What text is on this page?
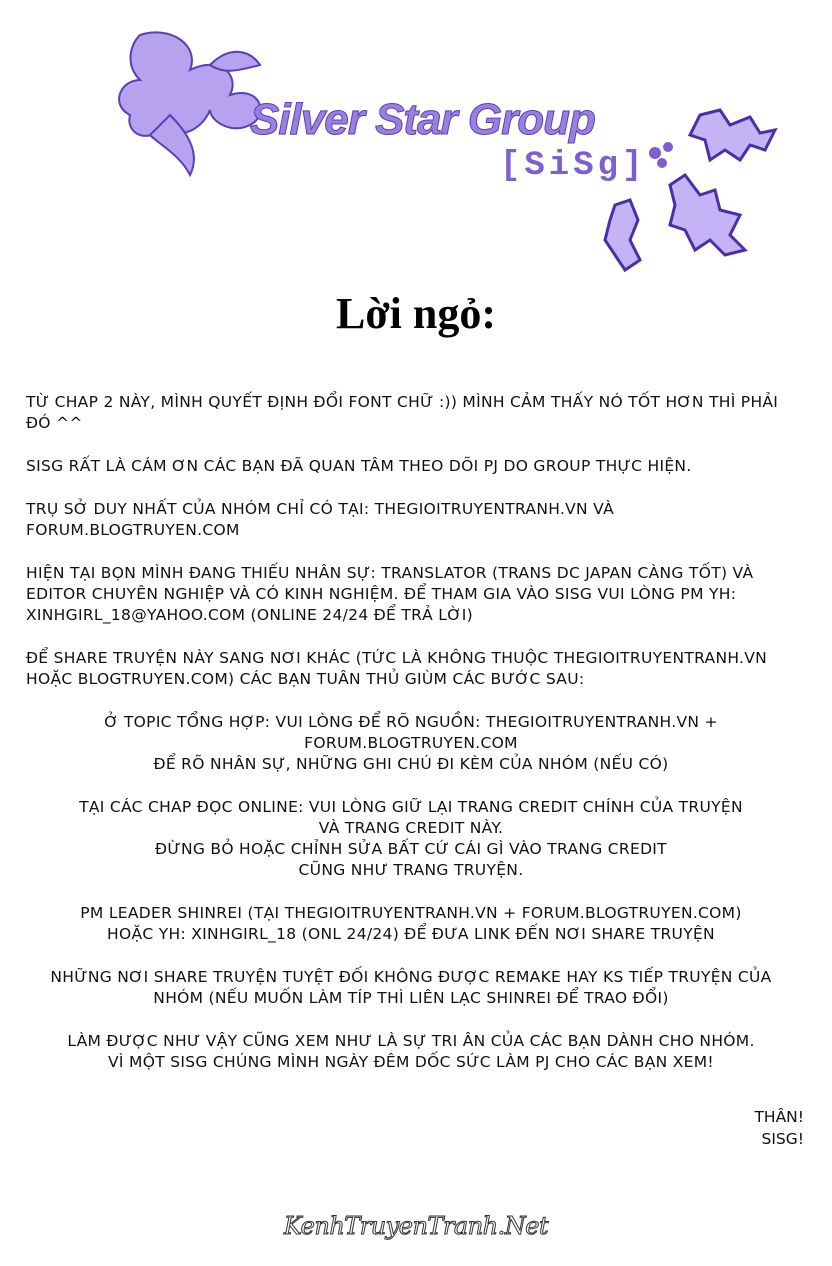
Silver Star Group
[SiSg]
Lời ngỏ:

TỪ CHAP 2 NÀY, MÌNH QUYẾT ĐỊNH ĐỔI FONT CHỮ :)) MÌNH CẢM THẤY NÓ TỐT HƠN THÌ PHẢI ĐÓ ^^

SISG RẤT LÀ CÁM ƠN CÁC BẠN ĐÃ QUAN TÂM THEO DÕI PJ DO GROUP THỰC HIỆN.

TRỤ SỞ DUY NHẤT CỦA NHÓM CHỈ CÓ TẠI: THEGIOITRUYENTRANH.VN VÀ FORUM.BLOGTRUYEN.COM

HIỆN TẠI BỌN MÌNH ĐANG THIẾU NHÂN SỰ: TRANSLATOR (TRANS DC JAPAN CÀNG TỐT) VÀ EDITOR CHUYÊN NGHIỆP VÀ CÓ KINH NGHIỆM. ĐỂ THAM GIA VÀO SISG VUI LÒNG PM YH: XINHGIRL_18@YAHOO.COM (ONLINE 24/24 ĐỂ TRẢ LỜI)

ĐỂ SHARE TRUYỆN NÀY SANG NƠI KHÁC (TỨC LÀ KHÔNG THUỘC THEGIOITRUYENTRANH.VN HOẶC BLOGTRUYEN.COM) CÁC BẠN TUÂN THỦ GIÙM CÁC BƯỚC SAU:

Ở TOPIC TỔNG HỢP: VUI LÒNG ĐỂ RÕ NGUỒN: THEGIOITRUYENTRANH.VN +
FORUM.BLOGTRUYEN.COM
ĐỂ RÕ NHÂN SỰ, NHỮNG GHI CHÚ ĐI KÈM CỦA NHÓM (NẾU CÓ)

TẠI CÁC CHAP ĐỌC ONLINE: VUI LÒNG GIỮ LẠI TRANG CREDIT CHÍNH CỦA TRUYỆN
VÀ TRANG CREDIT NÀY.
ĐỪNG BỎ HOẶC CHỈNH SỬA BẤT CỨ CÁI GÌ VÀO TRANG CREDIT
CŨNG NHƯ TRANG TRUYỆN.

PM LEADER SHINREI (TẠI THEGIOITRUYENTRANH.VN + FORUM.BLOGTRUYEN.COM)
HOẶC YH: XINHGIRL_18 (ONL 24/24) ĐỂ ĐƯA LINK ĐẾN NƠI SHARE TRUYỆN

NHỮNG NƠI SHARE TRUYỆN TUYỆT ĐỐI KHÔNG ĐƯỢC REMAKE HAY KS TIẾP TRUYỆN CỦA
NHÓM (NẾU MUỐN LÀM TÍP THÌ LIÊN LẠC SHINREI ĐỂ TRAO ĐỔI)

LÀM ĐƯỢC NHƯ VẬY CŨNG XEM NHƯ LÀ SỰ TRI ÂN CỦA CÁC BẠN DÀNH CHO NHÓM.
VÌ MỘT SISG CHÚNG MÌNH NGÀY ĐÊM DỐC SỨC LÀM PJ CHO CÁC BẠN XEM!

THÂN!
SISG!
KenhTruyenTranh.Net
